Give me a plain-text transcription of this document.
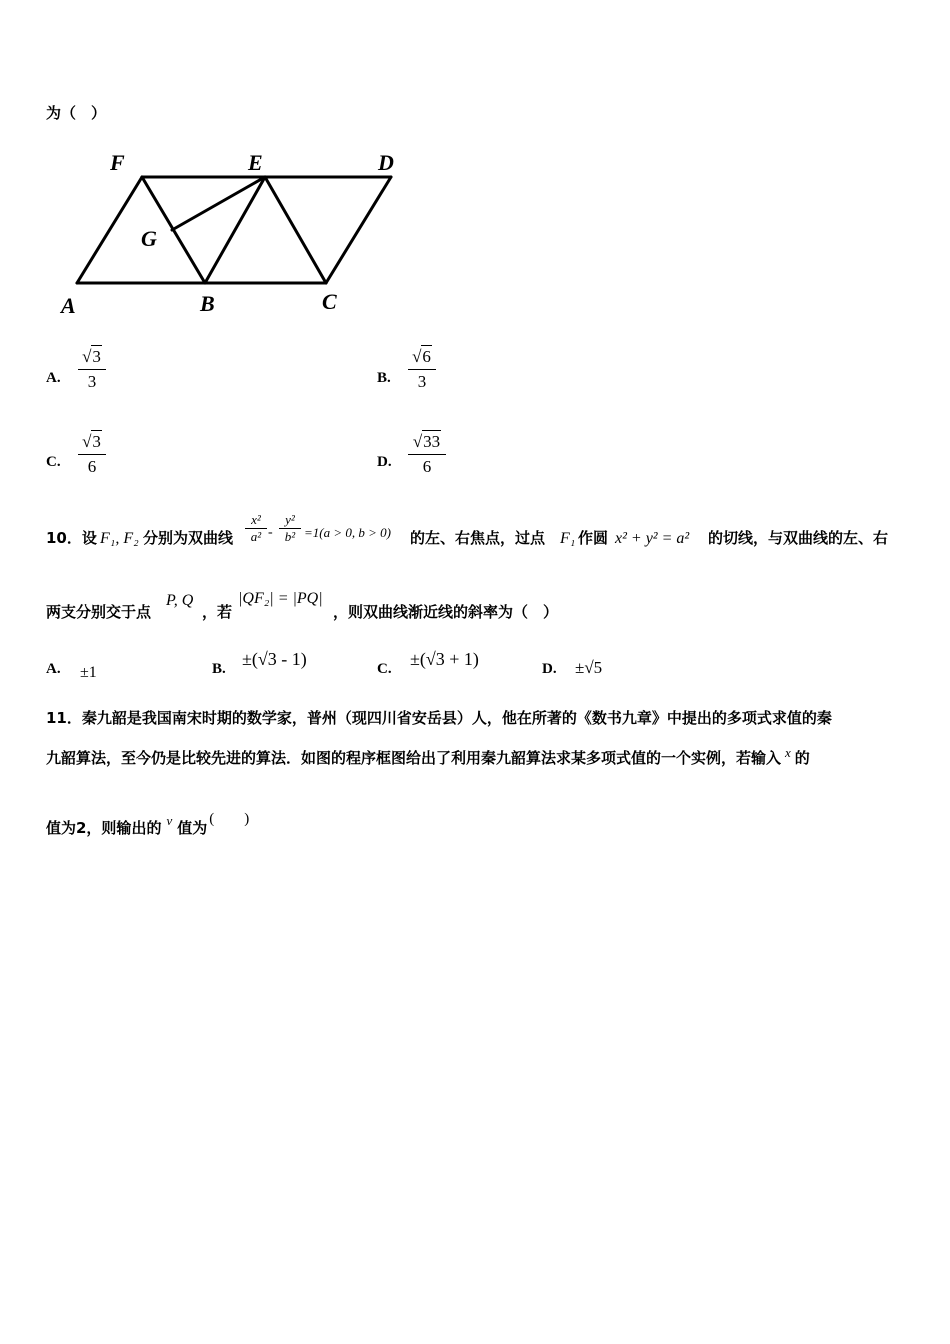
为（　）
F	E	D
G
A	B	C
A.
√3
3	B.
√6
3
C.
√3
6	D.
√33
6
10．设 F₁, F₂ 分别为双曲线
x²
a² -
y²
b² =1(a > 0, b > 0) 的左、右焦点，过点 F₁ 作圆 x² + y² = a² 的切线，与双曲线的左、右
两支分别交于点
P, Q
，若
|QF₂| = |PQ|
，则双曲线渐近线的斜率为（　）
A. ±1	B. ±(√3 - 1)	C. ±(√3 + 1)	D. ±√5
11．秦九韶是我国南宋时期的数学家，普州（现四川省安岳县）人，他在所著的《数书九章》中提出的多项式求值的秦
九韶算法，至今仍是比较先进的算法．如图的程序框图给出了利用秦九韶算法求某多项式值的一个实例，若输入 x 的
值为2，则输出的 v 值为 (　　)
